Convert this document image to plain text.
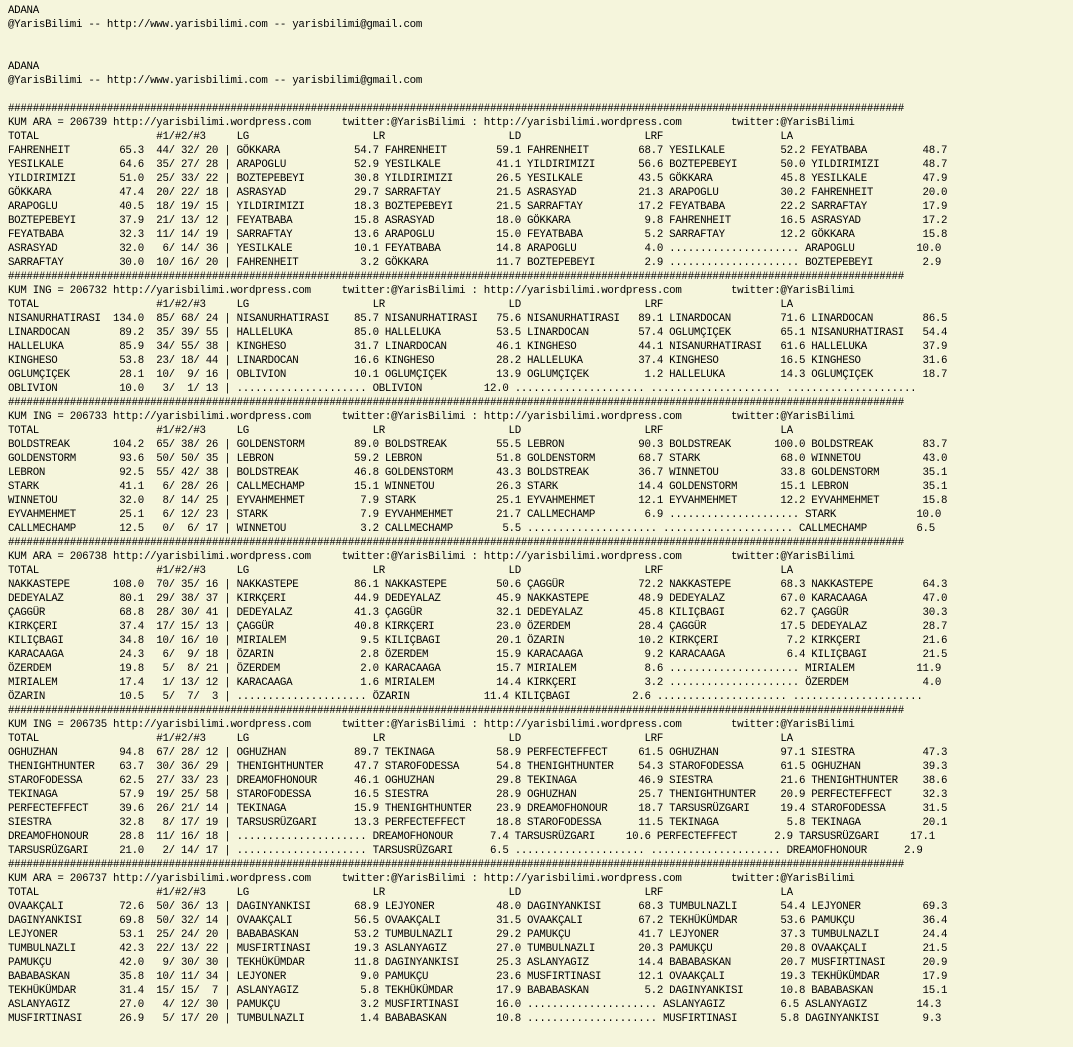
ADANA
@YarisBilimi -- http://www.yarisbilimi.com -- yarisbilimi@gmail.com

ADANA
@YarisBilimi -- http://www.yarisbilimi.com -- yarisbilimi@gmail.com

#################################################################################################################################################
KUM ARA = 206739 http://yarisbilimi.wordpress.com     twitter:@YarisBilimi : http://yarisbilimi.wordpress.com        twitter:@YarisBilimi
TOTAL                   #1/#2/#3     LG                    LR                    LD                    LRF                   LA
FAHRENHEIT        65.3  44/ 32/ 20 | GÖKKARA            54.7 FAHRENHEIT        59.1 FAHRENHEIT        68.7 YESILKALE         52.2 FEYATBABA         48.7
YESILKALE         64.6  35/ 27/ 28 | ARAPOGLU           52.9 YESILKALE         41.1 YILDIRIMIZI       56.6 BOZTEPEBEYI       50.0 YILDIRIMIZI       48.7
YILDIRIMIZI       51.0  25/ 33/ 22 | BOZTEPEBEYI        30.8 YILDIRIMIZI       26.5 YESILKALE         43.5 GÖKKARA           45.8 YESILKALE         47.9
GÖKKARA           47.4  20/ 22/ 18 | ASRASYAD           29.7 SARRAFTAY         21.5 ASRASYAD          21.3 ARAPOGLU          30.2 FAHRENHEIT        20.0
ARAPOGLU          40.5  18/ 19/ 15 | YILDIRIMIZI        18.3 BOZTEPEBEYI       21.5 SARRAFTAY         17.2 FEYATBABA         22.2 SARRAFTAY         17.9
BOZTEPEBEYI       37.9  21/ 13/ 12 | FEYATBABA          15.8 ASRASYAD          18.0 GÖKKARA            9.8 FAHRENHEIT        16.5 ASRASYAD          17.2
FEYATBABA         32.3  11/ 14/ 19 | SARRAFTAY          13.6 ARAPOGLU          15.0 FEYATBABA          5.2 SARRAFTAY         12.2 GÖKKARA           15.8
ASRASYAD          32.0   6/ 14/ 36 | YESILKALE          10.1 FEYATBABA         14.8 ARAPOGLU           4.0 ..................... ARAPOGLU          10.0
SARRAFTAY         30.0  10/ 16/ 20 | FAHRENHEIT          3.2 GÖKKARA           11.7 BOZTEPEBEYI        2.9 ..................... BOZTEPEBEYI        2.9
#################################################################################################################################################
KUM ING = 206732 http://yarisbilimi.wordpress.com     twitter:@YarisBilimi : http://yarisbilimi.wordpress.com        twitter:@YarisBilimi
TOTAL                   #1/#2/#3     LG                    LR                    LD                    LRF                   LA
NISANURHATIRASI  134.0  85/ 68/ 24 | NISANURHATIRASI    85.7 NISANURHATIRASI   75.6 NISANURHATIRASI   89.1 LINARDOCAN        71.6 LINARDOCAN        86.5
LINARDOCAN        89.2  35/ 39/ 55 | HALLELUKA          85.0 HALLELUKA         53.5 LINARDOCAN        57.4 OGLUMÇIÇEK        65.1 NISANURHATIRASI   54.4
HALLELUKA         85.9  34/ 55/ 38 | KINGHESO           31.7 LINARDOCAN        46.1 KINGHESO          44.1 NISANURHATIRASI   61.6 HALLELUKA         37.9
KINGHESO          53.8  23/ 18/ 44 | LINARDOCAN         16.6 KINGHESO          28.2 HALLELUKA         37.4 KINGHESO          16.5 KINGHESO          31.6
OGLUMÇIÇEK        28.1  10/  9/ 16 | OBLIVION           10.1 OGLUMÇIÇEK        13.9 OGLUMÇIÇEK         1.2 HALLELUKA         14.3 OGLUMÇIÇEK        18.7
OBLIVION          10.0   3/  1/ 13 | ..................... OBLIVION          12.0 ..................... ..................... .....................
#################################################################################################################################################
KUM ING = 206733 http://yarisbilimi.wordpress.com     twitter:@YarisBilimi : http://yarisbilimi.wordpress.com        twitter:@YarisBilimi
TOTAL                   #1/#2/#3     LG                    LR                    LD                    LRF                   LA
BOLDSTREAK       104.2  65/ 38/ 26 | GOLDENSTORM        89.0 BOLDSTREAK        55.5 LEBRON            90.3 BOLDSTREAK       100.0 BOLDSTREAK        83.7
GOLDENSTORM       93.6  50/ 50/ 35 | LEBRON             59.2 LEBRON            51.8 GOLDENSTORM       68.7 STARK             68.0 WINNETOU          43.0
LEBRON            92.5  55/ 42/ 38 | BOLDSTREAK         46.8 GOLDENSTORM       43.3 BOLDSTREAK        36.7 WINNETOU          33.8 GOLDENSTORM       35.1
STARK             41.1   6/ 28/ 26 | CALLMECHAMP        15.1 WINNETOU          26.3 STARK             14.4 GOLDENSTORM       15.1 LEBRON            35.1
WINNETOU          32.0   8/ 14/ 25 | EYVAHMEHMET         7.9 STARK             25.1 EYVAHMEHMET       12.1 EYVAHMEHMET       12.2 EYVAHMEHMET       15.8
EYVAHMEHMET       25.1   6/ 12/ 23 | STARK               7.9 EYVAHMEHMET       21.7 CALLMECHAMP        6.9 ..................... STARK             10.0
CALLMECHAMP       12.5   0/  6/ 17 | WINNETOU            3.2 CALLMECHAMP        5.5 ..................... ..................... CALLMECHAMP        6.5
#################################################################################################################################################
KUM ARA = 206738 http://yarisbilimi.wordpress.com     twitter:@YarisBilimi : http://yarisbilimi.wordpress.com        twitter:@YarisBilimi
TOTAL                   #1/#2/#3     LG                    LR                    LD                    LRF                   LA
NAKKASTEPE       108.0  70/ 35/ 16 | NAKKASTEPE         86.1 NAKKASTEPE        50.6 ÇAGGÜR            72.2 NAKKASTEPE        68.3 NAKKASTEPE        64.3
DEDEYALAZ         80.1  29/ 38/ 37 | KIRKÇERI           44.9 DEDEYALAZ         45.9 NAKKASTEPE        48.9 DEDEYALAZ         67.0 KARACAAGA         47.0
ÇAGGÜR            68.8  28/ 30/ 41 | DEDEYALAZ          41.3 ÇAGGÜR            32.1 DEDEYALAZ         45.8 KILIÇBAGI         62.7 ÇAGGÜR            30.3
KIRKÇERI          37.4  17/ 15/ 13 | ÇAGGÜR             40.8 KIRKÇERI          23.0 ÖZERDEM           28.4 ÇAGGÜR            17.5 DEDEYALAZ         28.7
KILIÇBAGI         34.8  10/ 16/ 10 | MIRIALEM            9.5 KILIÇBAGI         20.1 ÖZARIN            10.2 KIRKÇERI           7.2 KIRKÇERI          21.6
KARACAAGA         24.3   6/  9/ 18 | ÖZARIN              2.8 ÖZERDEM           15.9 KARACAAGA          9.2 KARACAAGA          6.4 KILIÇBAGI         21.5
ÖZERDEM           19.8   5/  8/ 21 | ÖZERDEM             2.0 KARACAAGA         15.7 MIRIALEM           8.6 ..................... MIRIALEM          11.9
MIRIALEM          17.4   1/ 13/ 12 | KARACAAGA           1.6 MIRIALEM          14.4 KIRKÇERI           3.2 ..................... ÖZERDEM            4.0
ÖZARIN            10.5   5/  7/  3 | ..................... ÖZARIN            11.4 KILIÇBAGI          2.6 ..................... .....................
#################################################################################################################################################
KUM ING = 206735 http://yarisbilimi.wordpress.com     twitter:@YarisBilimi : http://yarisbilimi.wordpress.com        twitter:@YarisBilimi
TOTAL                   #1/#2/#3     LG                    LR                    LD                    LRF                   LA
OGHUZHAN          94.8  67/ 28/ 12 | OGHUZHAN           89.7 TEKINAGA          58.9 PERFECTEFFECT     61.5 OGHUZHAN          97.1 SIESTRA           47.3
THENIGHTHUNTER    63.7  30/ 36/ 29 | THENIGHTHUNTER     47.7 STAROFODESSA      54.8 THENIGHTHUNTER    54.3 STAROFODESSA      61.5 OGHUZHAN          39.3
STAROFODESSA      62.5  27/ 33/ 23 | DREAMOFHONOUR      46.1 OGHUZHAN          29.8 TEKINAGA          46.9 SIESTRA           21.6 THENIGHTHUNTER    38.6
TEKINAGA          57.9  19/ 25/ 58 | STAROFODESSA       16.5 SIESTRA           28.9 OGHUZHAN          25.7 THENIGHTHUNTER    20.9 PERFECTEFFECT     32.3
PERFECTEFFECT     39.6  26/ 21/ 14 | TEKINAGA           15.9 THENIGHTHUNTER    23.9 DREAMOFHONOUR     18.7 TARSUSRÜZGARI     19.4 STAROFODESSA      31.5
SIESTRA           32.8   8/ 17/ 19 | TARSUSRÜZGARI      13.3 PERFECTEFFECT     18.8 STAROFODESSA      11.5 TEKINAGA           5.8 TEKINAGA          20.1
DREAMOFHONOUR     28.8  11/ 16/ 18 | ..................... DREAMOFHONOUR      7.4 TARSUSRÜZGARI     10.6 PERFECTEFFECT      2.9 TARSUSRÜZGARI     17.1
TARSUSRÜZGARI     21.0   2/ 14/ 17 | ..................... TARSUSRÜZGARI      6.5 ..................... ..................... DREAMOFHONOUR      2.9
#################################################################################################################################################
KUM ARA = 206737 http://yarisbilimi.wordpress.com     twitter:@YarisBilimi : http://yarisbilimi.wordpress.com        twitter:@YarisBilimi
TOTAL                   #1/#2/#3     LG                    LR                    LD                    LRF                   LA
OVAAKÇALI         72.6  50/ 36/ 13 | DAGINYANKISI       68.9 LEJYONER          48.0 DAGINYANKISI      68.3 TUMBULNAZLI       54.4 LEJYONER          69.3
DAGINYANKISI      69.8  50/ 32/ 14 | OVAAKÇALI          56.5 OVAAKÇALI         31.5 OVAAKÇALI         67.2 TEKHÜKÜMDAR       53.6 PAMUKÇU           36.4
LEJYONER          53.1  25/ 24/ 20 | BABABASKAN         53.2 TUMBULNAZLI       29.2 PAMUKÇU           41.7 LEJYONER          37.3 TUMBULNAZLI       24.4
TUMBULNAZLI       42.3  22/ 13/ 22 | MUSFIRTINASI       19.3 ASLANYAGIZ        27.0 TUMBULNAZLI       20.3 PAMUKÇU           20.8 OVAAKÇALI         21.5
PAMUKÇU           42.0   9/ 30/ 30 | TEKHÜKÜMDAR        11.8 DAGINYANKISI      25.3 ASLANYAGIZ        14.4 BABABASKAN        20.7 MUSFIRTINASI      20.9
BABABASKAN        35.8  10/ 11/ 34 | LEJYONER            9.0 PAMUKÇU           23.6 MUSFIRTINASI      12.1 OVAAKÇALI         19.3 TEKHÜKÜMDAR       17.9
TEKHÜKÜMDAR       31.4  15/ 15/  7 | ASLANYAGIZ          5.8 TEKHÜKÜMDAR       17.9 BABABASKAN         5.2 DAGINYANKISI      10.8 BABABASKAN        15.1
ASLANYAGIZ        27.0   4/ 12/ 30 | PAMUKÇU             3.2 MUSFIRTINASI      16.0 ..................... ASLANYAGIZ         6.5 ASLANYAGIZ        14.3
MUSFIRTINASI      26.9   5/ 17/ 20 | TUMBULNAZLI         1.4 BABABASKAN        10.8 ..................... MUSFIRTINASI       5.8 DAGINYANKISI       9.3
